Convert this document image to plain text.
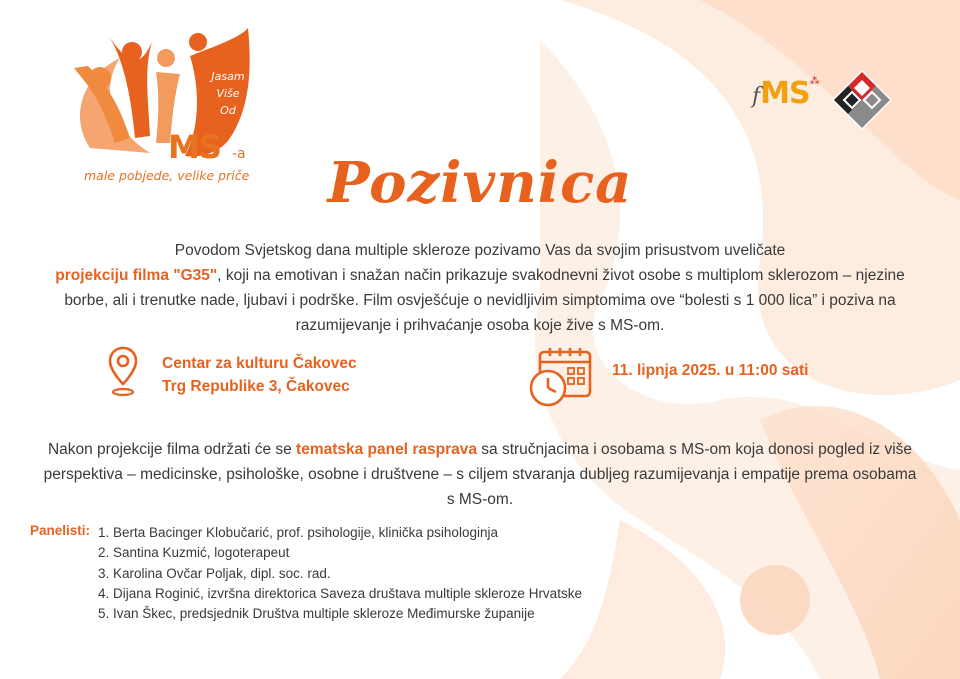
Jasam
Više
Od
MS -a
male pobjede, velike priče
fMS⁂
Pozivnica

Povodom Svjetskog dana multiple skleroze pozivamo Vas da svojim prisustvom uveličate
projekciju filma "G35", koji na emotivan i snažan način prikazuje svakodnevni život osobe s multiplom sklerozom – njezine borbe, ali i trenutke nade, ljubavi i podrške. Film osvješćuje o nevidljivim simptomima ove “bolesti s 1 000 lica” i poziva na razumijevanje i prihvaćanje osoba koje žive s MS-om.

Centar za kulturu Čakovec
Trg Republike 3, Čakovec
11. lipnja 2025. u 11:00 sati

Nakon projekcije filma održati će se tematska panel rasprava sa stručnjacima i osobama s MS-om koja donosi pogled iz više perspektiva – medicinske, psihološke, osobne i društvene – s ciljem stvaranja dubljeg razumijevanja i empatije prema osobama s MS-om.

Panelisti: 1. Berta Bacinger Klobučarić, prof. psihologije, klinička psihologinja
2. Santina Kuzmić, logoterapeut
3. Karolina Ovčar Poljak, dipl. soc. rad.
4. Dijana Roginić, izvršna direktorica Saveza društava multiple skleroze Hrvatske
5. Ivan Škec, predsjednik Društva multiple skleroze Međimurske županije
